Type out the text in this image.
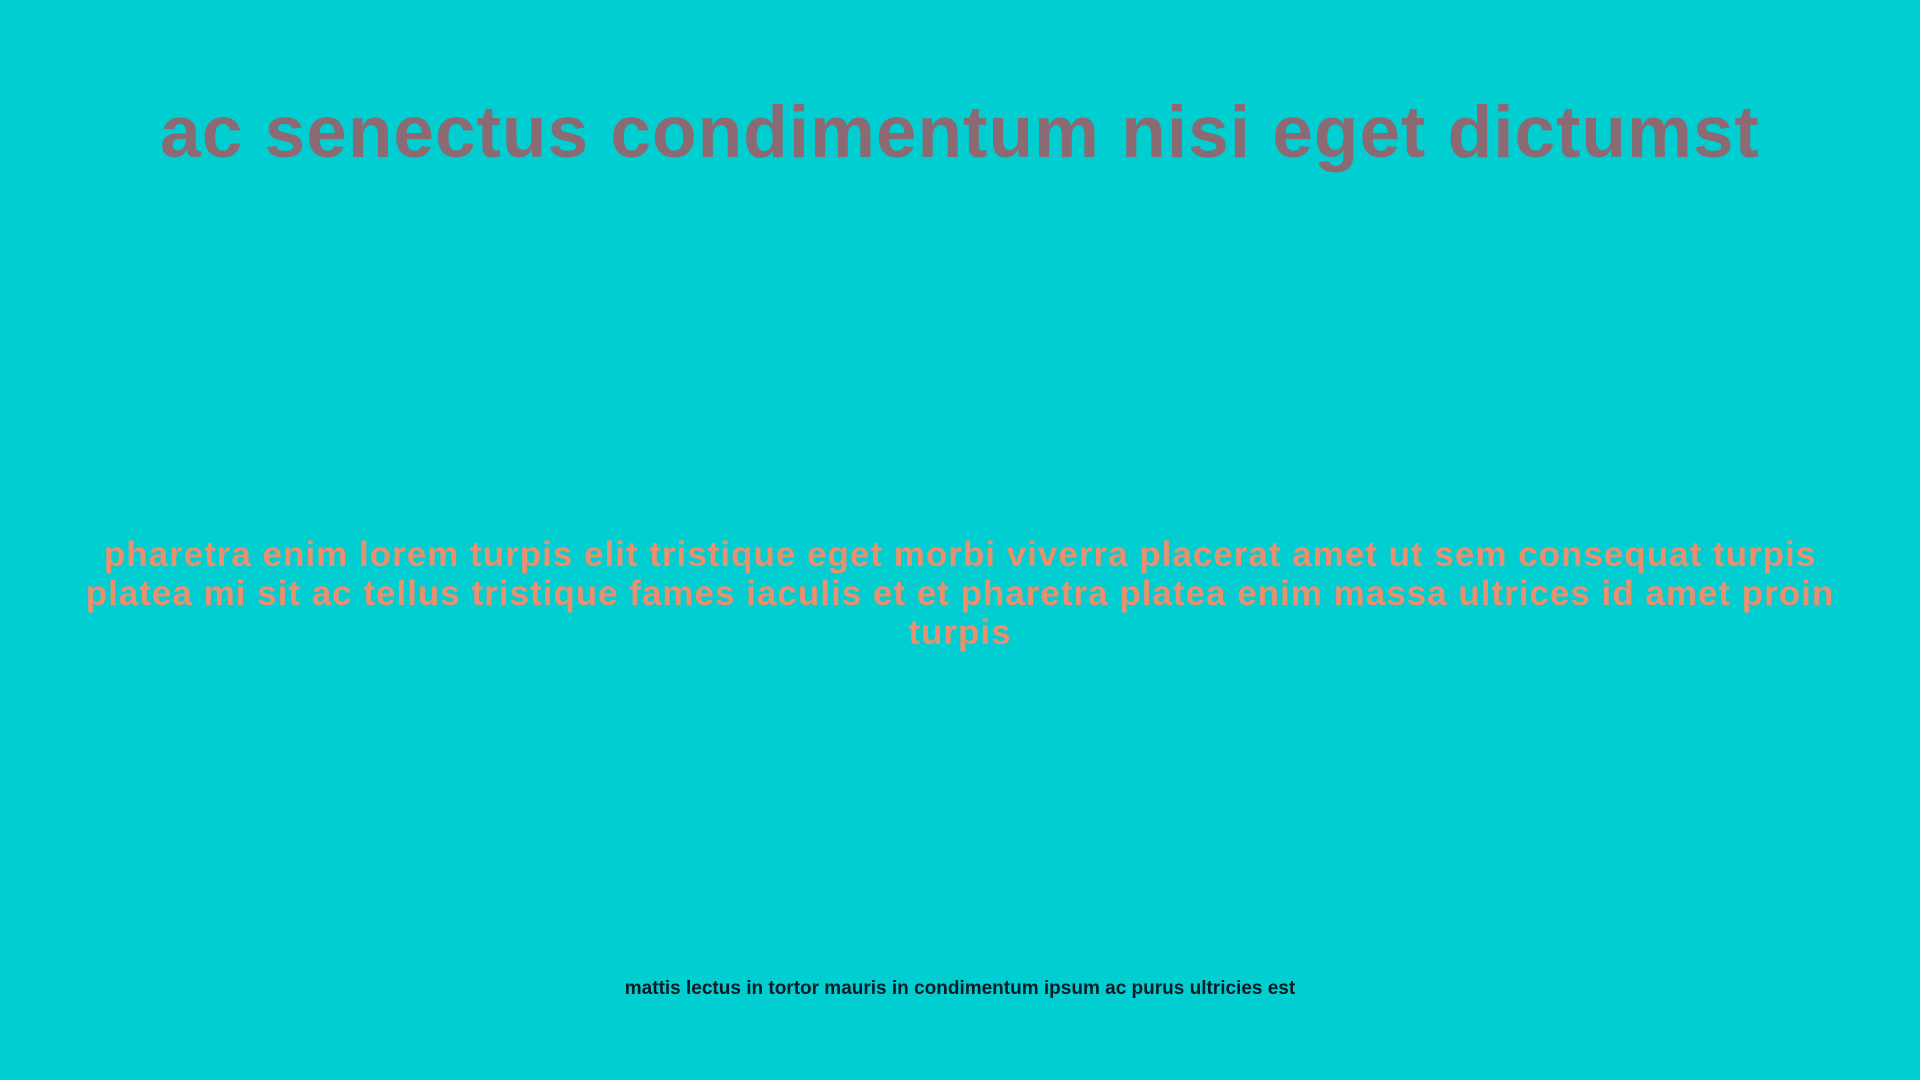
ac senectus condimentum nisi eget dictumst

pharetra enim lorem turpis elit tristique eget morbi viverra placerat amet ut sem consequat turpis platea mi sit ac tellus tristique fames iaculis et et pharetra platea enim massa ultrices id amet proin turpis

mattis lectus in tortor mauris in condimentum ipsum ac purus ultricies est
